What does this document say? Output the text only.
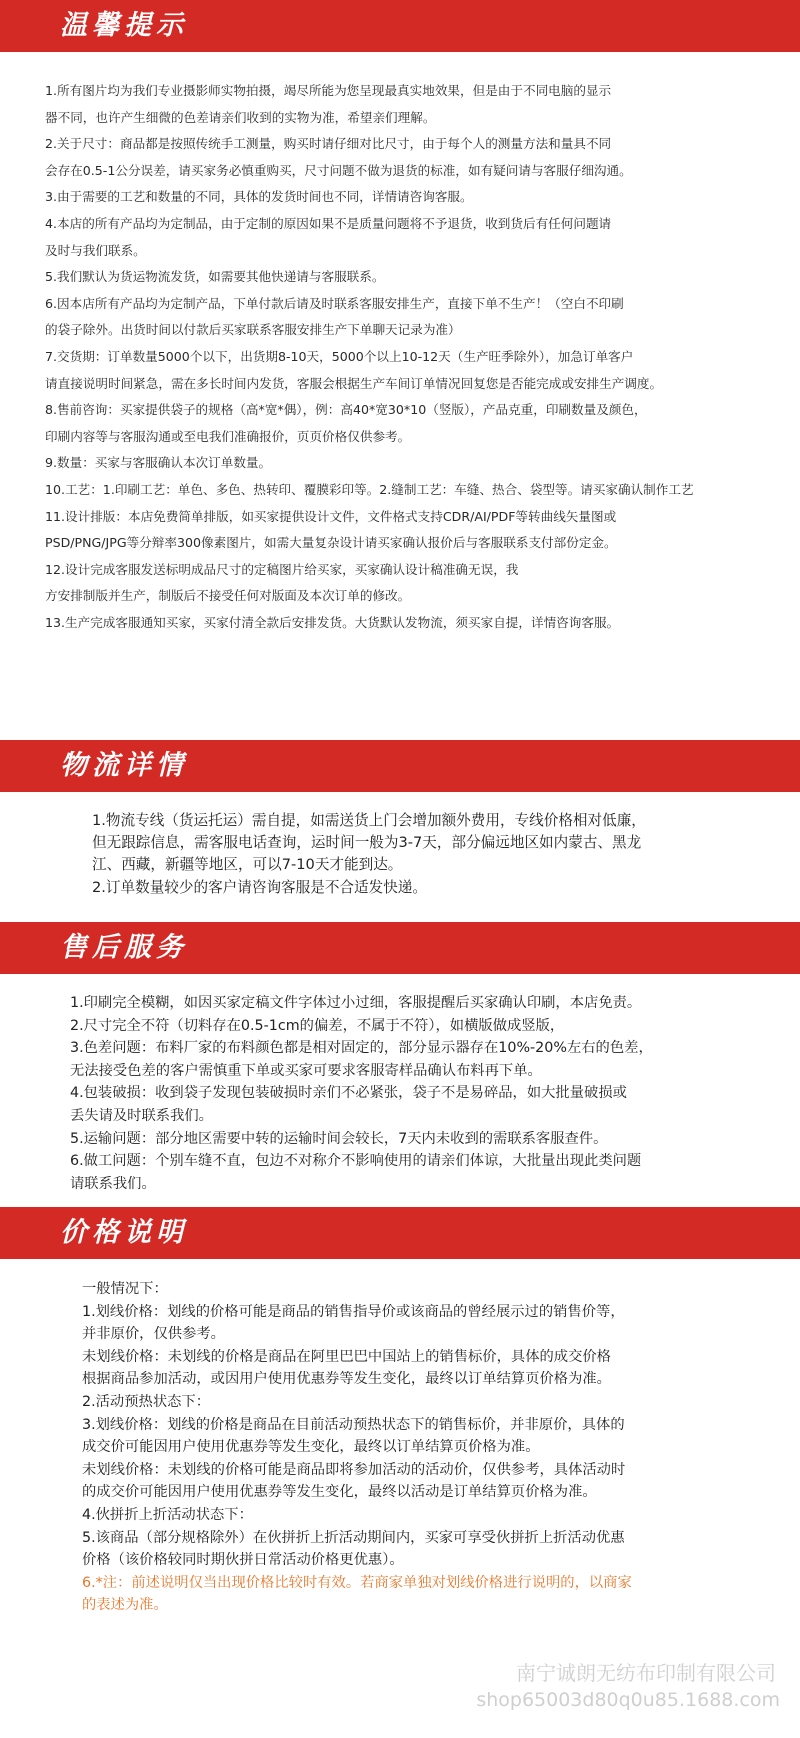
温馨提示

1.所有图片均为我们专业摄影师实物拍摄，竭尽所能为您呈现最真实地效果，但是由于不同电脑的显示

器不同，也许产生细微的色差请亲们收到的实物为准，希望亲们理解。

2.关于尺寸：商品都是按照传统手工测量，购买时请仔细对比尺寸，由于每个人的测量方法和量具不同

会存在0.5-1公分误差，请买家务必慎重购买，尺寸问题不做为退货的标准，如有疑问请与客服仔细沟通。

3.由于需要的工艺和数量的不同，具体的发货时间也不同，详情请咨询客服。

4.本店的所有产品均为定制品，由于定制的原因如果不是质量问题将不予退货，收到货后有任何问题请

及时与我们联系。

5.我们默认为货运物流发货，如需要其他快递请与客服联系。

6.因本店所有产品均为定制产品，下单付款后请及时联系客服安排生产，直接下单不生产！（空白不印刷

的袋子除外。出货时间以付款后买家联系客服安排生产下单聊天记录为准）

7.交货期：订单数量5000个以下，出货期8-10天，5000个以上10-12天（生产旺季除外），加急订单客户

请直接说明时间紧急，需在多长时间内发货，客服会根据生产车间订单情况回复您是否能完成或安排生产调度。

8.售前咨询：买家提供袋子的规格（高*宽*偶），例：高40*宽30*10（竖版），产品克重，印刷数量及颜色，

印刷内容等与客服沟通或至电我们准确报价，页页价格仅供参考。

9.数量：买家与客服确认本次订单数量。

10.工艺：1.印刷工艺：单色、多色、热转印、覆膜彩印等。2.缝制工艺：车缝、热合、袋型等。请买家确认制作工艺

11.设计排版：本店免费简单排版，如买家提供设计文件，文件格式支持CDR/AI/PDF等转曲线矢量图或

PSD/PNG/JPG等分辩率300像素图片，如需大量复杂设计请买家确认报价后与客服联系支付部份定金。

12.设计完成客服发送标明成品尺寸的定稿图片给买家，买家确认设计稿准确无误，我

方安排制版并生产，制版后不接受任何对版面及本次订单的修改。

13.生产完成客服通知买家，买家付清全款后安排发货。大货默认发物流，须买家自提，详情咨询客服。

物流详情

1.物流专线（货运托运）需自提，如需送货上门会增加额外费用，专线价格相对低廉，

但无跟踪信息，需客服电话查询，运时间一般为3-7天，部分偏远地区如内蒙古、黑龙

江、西藏，新疆等地区，可以7-10天才能到达。

2.订单数量较少的客户请咨询客服是不合适发快递。

售后服务

1.印刷完全模糊，如因买家定稿文件字体过小过细，客服提醒后买家确认印刷，本店免责。

2.尺寸完全不符（切料存在0.5-1cm的偏差，不属于不符），如横版做成竖版，

3.色差问题：布料厂家的布料颜色都是相对固定的，部分显示器存在10%-20%左右的色差，

无法接受色差的客户需慎重下单或买家可要求客服寄样品确认布料再下单。

4.包装破损：收到袋子发现包装破损时亲们不必紧张，袋子不是易碎品，如大批量破损或

丢失请及时联系我们。

5.运输问题：部分地区需要中转的运输时间会较长，7天内未收到的需联系客服查件。

6.做工问题：个别车缝不直，包边不对称介不影响使用的请亲们体谅，大批量出现此类问题

请联系我们。

价格说明

一般情况下：

1.划线价格：划线的价格可能是商品的销售指导价或该商品的曾经展示过的销售价等，

并非原价，仅供参考。

未划线价格：未划线的价格是商品在阿里巴巴中国站上的销售标价，具体的成交价格

根据商品参加活动，或因用户使用优惠券等发生变化，最终以订单结算页价格为准。

2.活动预热状态下：

3.划线价格：划线的价格是商品在目前活动预热状态下的销售标价，并非原价，具体的

成交价可能因用户使用优惠券等发生变化，最终以订单结算页价格为准。

未划线价格：未划线的价格可能是商品即将参加活动的活动价，仅供参考，具体活动时

的成交价可能因用户使用优惠券等发生变化，最终以活动是订单结算页价格为准。

4.伙拼折上折活动状态下：

5.该商品（部分规格除外）在伙拼折上折活动期间内，买家可享受伙拼折上折活动优惠

价格（该价格较同时期伙拼日常活动价格更优惠）。

6.*注：前述说明仅当出现价格比较时有效。若商家单独对划线价格进行说明的，以商家

的表述为准。

南宁诚朗无纺布印制有限公司
shop65003d80q0u85.1688.com
